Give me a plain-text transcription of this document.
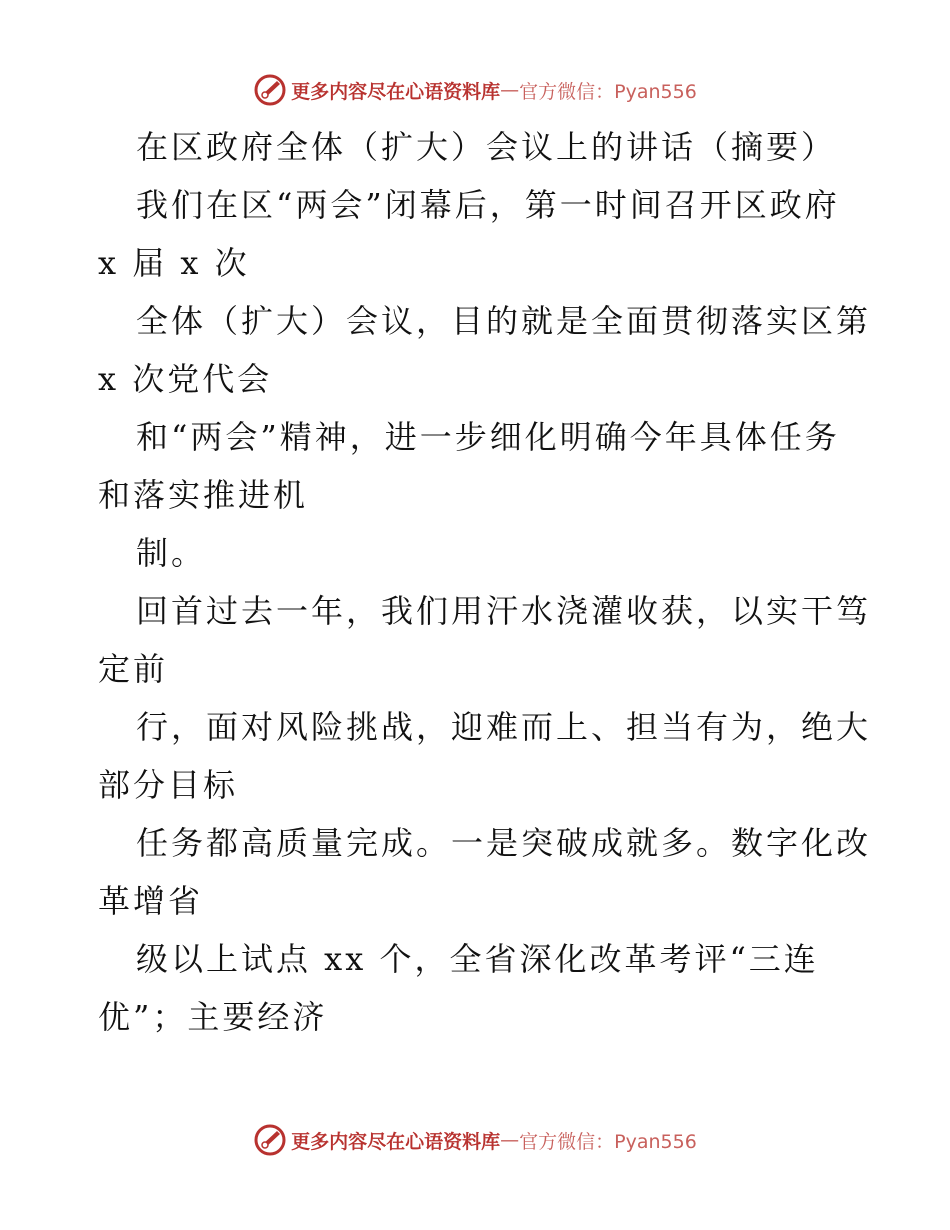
更多内容尽在心语资料库 — 官方微信：Pyan556
在区政府全体（扩大）会议上的讲话（摘要）
我们在区“两会”闭幕后，第一时间召开区政府
x 届 x 次
全体（扩大）会议，目的就是全面贯彻落实区第
x 次党代会
和“两会”精神，进一步细化明确今年具体任务
和落实推进机
制。
回首过去一年，我们用汗水浇灌收获，以实干笃
定前
行，面对风险挑战，迎难而上、担当有为，绝大
部分目标
任务都高质量完成。一是突破成就多。数字化改
革增省
级以上试点 xx 个，全省深化改革考评“三连
优”；主要经济
更多内容尽在心语资料库 — 官方微信：Pyan556
